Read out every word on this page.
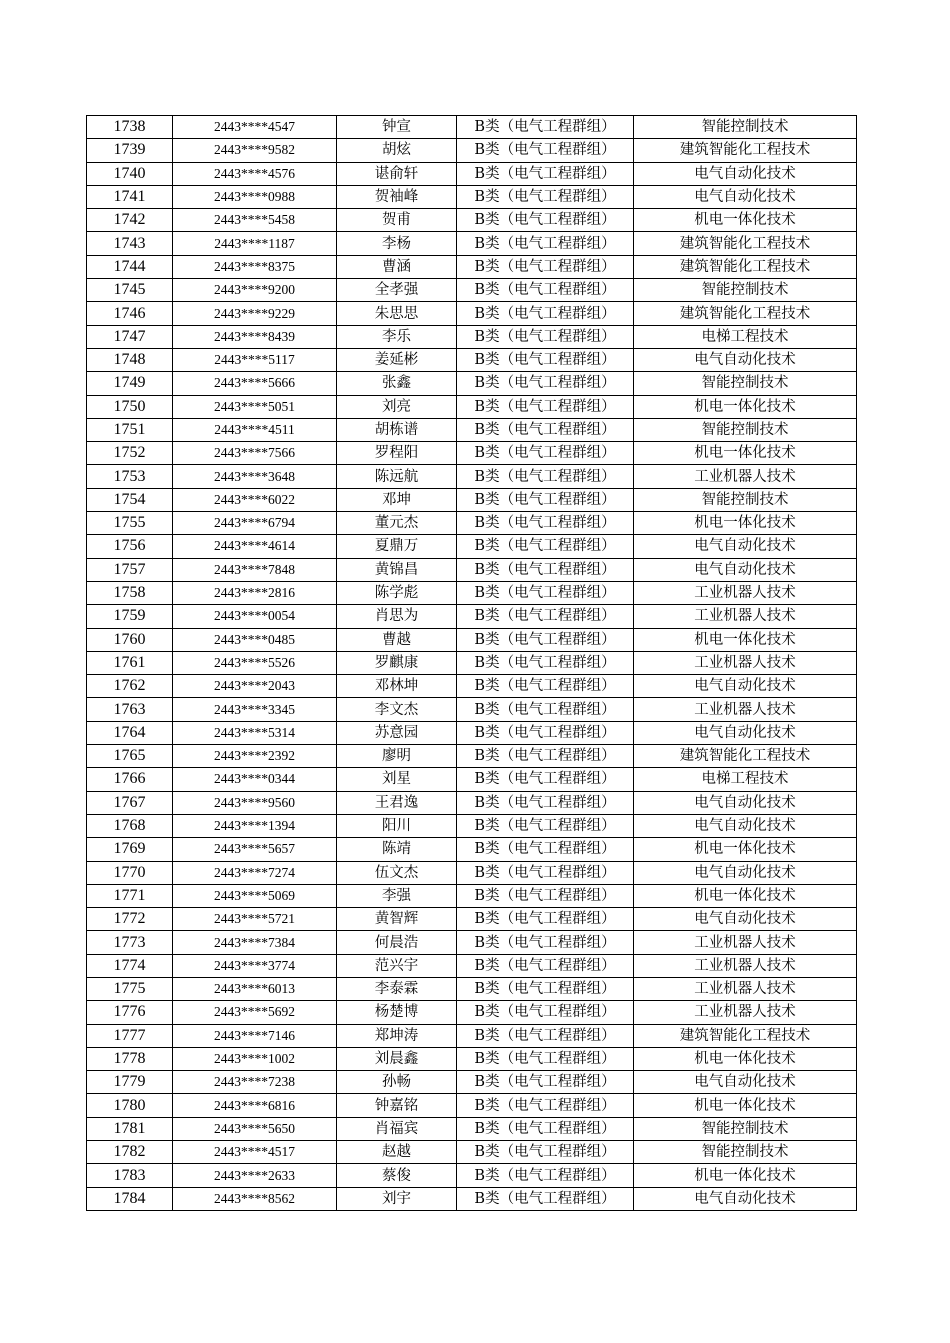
1738	2443****4547	钟宣	B类（电气工程群组）	智能控制技术
1739	2443****9582	胡炫	B类（电气工程群组）	建筑智能化工程技术
1740	2443****4576	谌俞轩	B类（电气工程群组）	电气自动化技术
1741	2443****0988	贺袖峰	B类（电气工程群组）	电气自动化技术
1742	2443****5458	贺甫	B类（电气工程群组）	机电一体化技术
1743	2443****1187	李杨	B类（电气工程群组）	建筑智能化工程技术
1744	2443****8375	曹涵	B类（电气工程群组）	建筑智能化工程技术
1745	2443****9200	全孝强	B类（电气工程群组）	智能控制技术
1746	2443****9229	朱思思	B类（电气工程群组）	建筑智能化工程技术
1747	2443****8439	李乐	B类（电气工程群组）	电梯工程技术
1748	2443****5117	姜延彬	B类（电气工程群组）	电气自动化技术
1749	2443****5666	张鑫	B类（电气工程群组）	智能控制技术
1750	2443****5051	刘亮	B类（电气工程群组）	机电一体化技术
1751	2443****4511	胡栋谱	B类（电气工程群组）	智能控制技术
1752	2443****7566	罗程阳	B类（电气工程群组）	机电一体化技术
1753	2443****3648	陈远航	B类（电气工程群组）	工业机器人技术
1754	2443****6022	邓坤	B类（电气工程群组）	智能控制技术
1755	2443****6794	董元杰	B类（电气工程群组）	机电一体化技术
1756	2443****4614	夏鼎万	B类（电气工程群组）	电气自动化技术
1757	2443****7848	黄锦昌	B类（电气工程群组）	电气自动化技术
1758	2443****2816	陈学彪	B类（电气工程群组）	工业机器人技术
1759	2443****0054	肖思为	B类（电气工程群组）	工业机器人技术
1760	2443****0485	曹越	B类（电气工程群组）	机电一体化技术
1761	2443****5526	罗麒康	B类（电气工程群组）	工业机器人技术
1762	2443****2043	邓林坤	B类（电气工程群组）	电气自动化技术
1763	2443****3345	李文杰	B类（电气工程群组）	工业机器人技术
1764	2443****5314	苏意园	B类（电气工程群组）	电气自动化技术
1765	2443****2392	廖明	B类（电气工程群组）	建筑智能化工程技术
1766	2443****0344	刘星	B类（电气工程群组）	电梯工程技术
1767	2443****9560	王君逸	B类（电气工程群组）	电气自动化技术
1768	2443****1394	阳川	B类（电气工程群组）	电气自动化技术
1769	2443****5657	陈靖	B类（电气工程群组）	机电一体化技术
1770	2443****7274	伍文杰	B类（电气工程群组）	电气自动化技术
1771	2443****5069	李强	B类（电气工程群组）	机电一体化技术
1772	2443****5721	黄智辉	B类（电气工程群组）	电气自动化技术
1773	2443****7384	何晨浩	B类（电气工程群组）	工业机器人技术
1774	2443****3774	范兴宇	B类（电气工程群组）	工业机器人技术
1775	2443****6013	李泰霖	B类（电气工程群组）	工业机器人技术
1776	2443****5692	杨楚博	B类（电气工程群组）	工业机器人技术
1777	2443****7146	郑坤涛	B类（电气工程群组）	建筑智能化工程技术
1778	2443****1002	刘晨鑫	B类（电气工程群组）	机电一体化技术
1779	2443****7238	孙畅	B类（电气工程群组）	电气自动化技术
1780	2443****6816	钟嘉铭	B类（电气工程群组）	机电一体化技术
1781	2443****5650	肖福宾	B类（电气工程群组）	智能控制技术
1782	2443****4517	赵越	B类（电气工程群组）	智能控制技术
1783	2443****2633	蔡俊	B类（电气工程群组）	机电一体化技术
1784	2443****8562	刘宇	B类（电气工程群组）	电气自动化技术
